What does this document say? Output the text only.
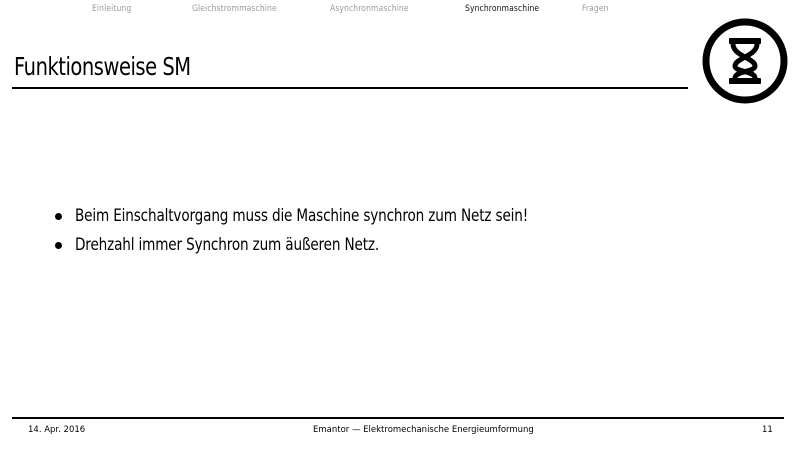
Einleitung	Gleichstrommaschine	Asynchronmaschine	Synchronmaschine	Fragen
Funktionsweise SM
Beim Einschaltvorgang muss die Maschine synchron zum Netz sein!
Drehzahl immer Synchron zum äußeren Netz.
14. Apr. 2016	Emantor — Elektromechanische Energieumformung	11
